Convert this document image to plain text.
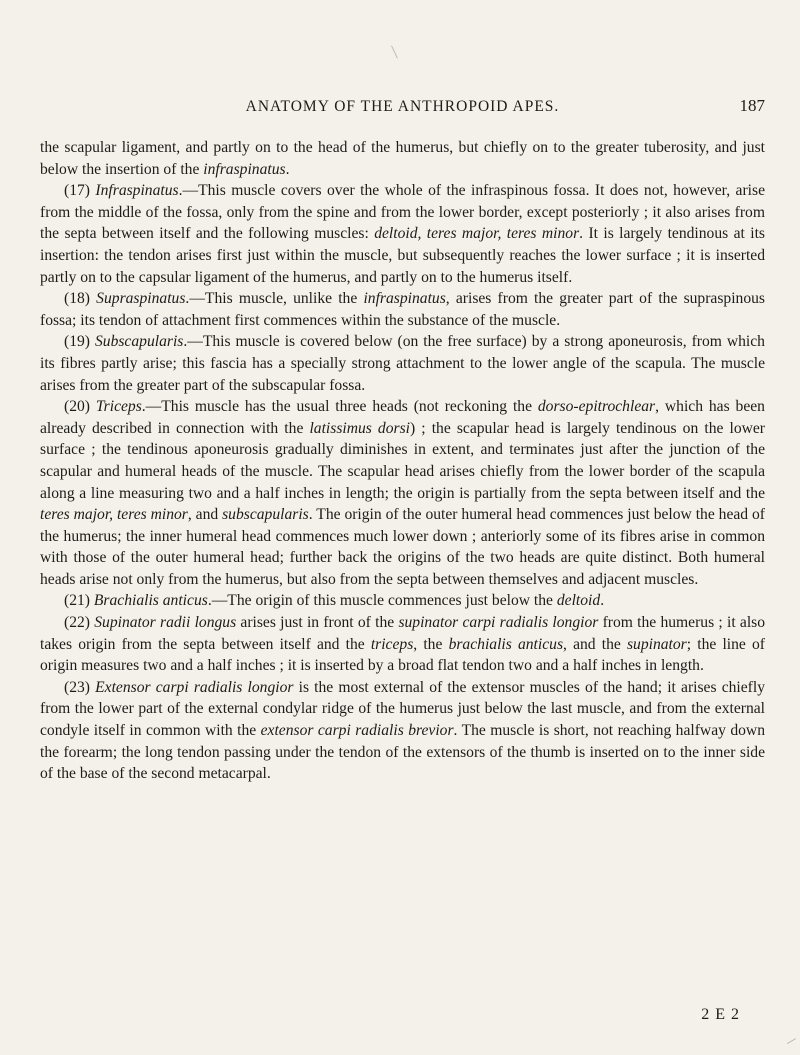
ANATOMY OF THE ANTHROPOID APES.	187

the scapular ligament, and partly on to the head of the humerus, but chiefly on to the greater tuberosity, and just below the insertion of the infraspinatus.

(17) Infraspinatus.—This muscle covers over the whole of the infraspinous fossa. It does not, however, arise from the middle of the fossa, only from the spine and from the lower border, except posteriorly ; it also arises from the septa between itself and the following muscles: deltoid, teres major, teres minor. It is largely tendinous at its insertion: the tendon arises first just within the muscle, but subsequently reaches the lower surface ; it is inserted partly on to the capsular ligament of the humerus, and partly on to the humerus itself.

(18) Supraspinatus.—This muscle, unlike the infraspinatus, arises from the greater part of the supraspinous fossa; its tendon of attachment first commences within the substance of the muscle.

(19) Subscapularis.—This muscle is covered below (on the free surface) by a strong aponeurosis, from which its fibres partly arise; this fascia has a specially strong attachment to the lower angle of the scapula. The muscle arises from the greater part of the subscapular fossa.

(20) Triceps.—This muscle has the usual three heads (not reckoning the dorso-epitrochlear, which has been already described in connection with the latissimus dorsi) ; the scapular head is largely tendinous on the lower surface ; the tendinous aponeurosis gradually diminishes in extent, and terminates just after the junction of the scapular and humeral heads of the muscle. The scapular head arises chiefly from the lower border of the scapula along a line measuring two and a half inches in length; the origin is partially from the septa between itself and the teres major, teres minor, and subscapularis. The origin of the outer humeral head commences just below the head of the humerus; the inner humeral head commences much lower down ; anteriorly some of its fibres arise in common with those of the outer humeral head; further back the origins of the two heads are quite distinct. Both humeral heads arise not only from the humerus, but also from the septa between themselves and adjacent muscles.

(21) Brachialis anticus.—The origin of this muscle commences just below the deltoid.

(22) Supinator radii longus arises just in front of the supinator carpi radialis longior from the humerus ; it also takes origin from the septa between itself and the triceps, the brachialis anticus, and the supinator; the line of origin measures two and a half inches ; it is inserted by a broad flat tendon two and a half inches in length.

(23) Extensor carpi radialis longior is the most external of the extensor muscles of the hand; it arises chiefly from the lower part of the external condylar ridge of the humerus just below the last muscle, and from the external condyle itself in common with the extensor carpi radialis brevior. The muscle is short, not reaching halfway down the forearm; the long tendon passing under the tendon of the extensors of the thumb is inserted on to the inner side of the base of the second metacarpal.

2 E 2
